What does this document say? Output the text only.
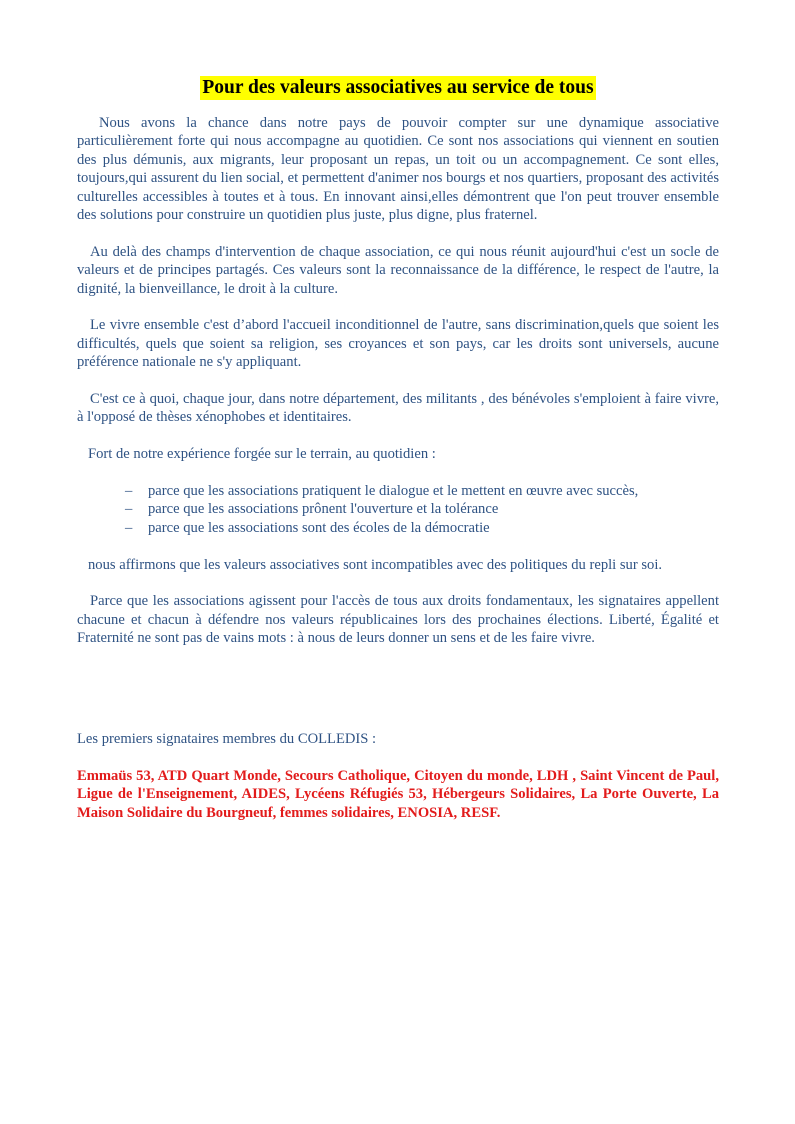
Pour des valeurs associatives au service de tous

Nous avons la chance dans notre pays de pouvoir compter sur une dynamique associative particulièrement forte qui nous accompagne au quotidien. Ce sont nos associations qui viennent en soutien des plus démunis, aux migrants, leur proposant un repas, un toit ou un accompagnement. Ce sont elles, toujours,qui assurent du lien social, et permettent d'animer nos bourgs et nos quartiers, proposant des activités culturelles accessibles à toutes et à tous. En innovant ainsi,elles démontrent que l'on peut trouver ensemble des solutions pour construire un quotidien plus juste, plus digne, plus fraternel.

Au delà des champs d'intervention de chaque association, ce qui nous réunit aujourd'hui c'est un socle de valeurs et de principes partagés. Ces valeurs sont la reconnaissance de la différence, le respect de l'autre, la dignité, la bienveillance, le droit à la culture.

Le vivre ensemble c'est d’abord l'accueil inconditionnel de l'autre, sans discrimination,quels que soient les difficultés, quels que soient sa religion, ses croyances et son pays, car les droits sont universels, aucune préférence nationale ne s'y appliquant.

C'est ce à quoi, chaque jour, dans notre département, des militants , des bénévoles s'emploient à faire vivre, à l'opposé de thèses xénophobes et identitaires.

Fort de notre expérience forgée sur le terrain, au quotidien :

– parce que les associations pratiquent le dialogue et le mettent en œuvre avec succès,
– parce que les associations prônent l'ouverture et la tolérance
– parce que les associations sont des écoles de la démocratie

nous affirmons que les valeurs associatives sont incompatibles avec des politiques du repli sur soi.

Parce que les associations agissent pour l'accès de tous aux droits fondamentaux, les signataires appellent chacune et chacun à défendre nos valeurs républicaines lors des prochaines élections. Liberté, Égalité et Fraternité ne sont pas de vains mots : à nous de leurs donner un sens et de les faire vivre.

Les premiers signataires membres du COLLEDIS :

Emmaüs 53, ATD Quart Monde, Secours Catholique, Citoyen du monde, LDH , Saint Vincent de Paul, Ligue de l'Enseignement, AIDES, Lycéens Réfugiés 53, Hébergeurs Solidaires, La Porte Ouverte, La Maison Solidaire du Bourgneuf, femmes solidaires, ENOSIA, RESF.
